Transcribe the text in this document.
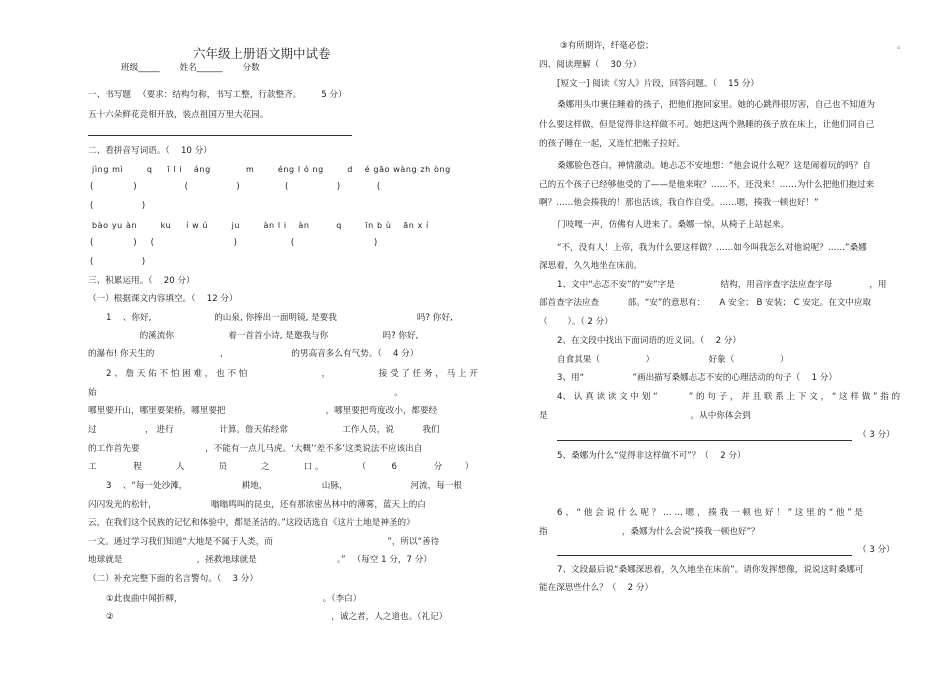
六年级上册语文期中试卷
班级_____ 　　姓名______ 　　分数
一、书写题 　（要求：结构匀称，书写工整，行款整齐。 　　5 分）
五十六朵鲜花竞相开放，装点祖国万里大花园。
二、看拼音写词语。（ 　10 分）
jìng mì 　 　q 　 ī l i 　áng 　 　 　m 　 　éng l ó ng 　 　d 　é gāo wàng zh òng
( 　　　 　) 　 　 　 　 ( 　　　 　　) 　 　　 　 ( 　　　 　　) 　 　 　 (
( 　　　 　　)
bào yu àn 　 　ku 　 í w ú 　 　ju 　 　àn l i 　àn 　 　 q 　 　īn b ù 　ān x í
( 　　　 　) 　 ( 　　　 　　 　　 　) 　　 　　 　 ( 　　　 　　 　　 　)
( 　　　 　　)
三、积累运用。（ 　20 分）
（一）根据课文内容填空。（ 　12 分）
1 　、你好, 　　　　　　　的山泉, 你捧出一面明镜, 是要我 　　　　　　　　　吗? 你好,
　　　　　　的溪流你 　　　　　　着一首首小诗, 是邀我与你 　　　　　　吗? 你好, 　　　　　　
的瀑布! 你天生的 　　　　　　　 ， 　　　　　　　的男高音多么有气势。（ 　4 分）
2 、 詹 天 佑 不 怕 困 难 ， 也 不 怕 　　　　　　　　 ， 　　　　　 接 受 了 任 务 ， 马 上 开
始 　　　　　　　　　　　　　　　　　　　　　　　　　　　　　　　　　　 。
哪里要开山，哪里要架桥，哪里要把 　　　　　　　　　　　 ，哪里要把弯度改小，都要经
过 　　　　　 ， 进行 　　　　　计算。詹天佑经常 　　　　　　工作人员，说 　　　我们
的工作首先要 　　　　　　　 ，不能有一点儿马虎。‘大概’‘差不多’这类说法不应该出自
工 　 　 　 程 　 　 　人 　 　 　员 　 　 　之 　 　 　口 。 　 　　 （ 　 　 6 　 　 　 分 　 　）
3 　、“每一处沙滩， 　　　　　　耕地， 　　　　　　山脉， 　　　　　　　河流，每一根
闪闪发光的松针， 　　　　　　嗡嗡鸣叫的昆虫，还有那浓密丛林中的薄雾，蓝天上的白
云，在我们这个民族的记忆和体验中，都是圣洁的。”这段话选自《这片土地是神圣的》
一文。通过学习我们知道“大地是不属于人类，而 　　　　　　　　　　　　　”，所以“善待
地球就是 　　　　　　　　 ，拯救地球就是 　　　　　　　　　。” 　（每空 1 分，7 分）
（二）补充完整下面的名言警句。（ 　3 分）
①此夜曲中闻折柳， 　　　　　　　　　　　　　　　　。（李白）
② 　　　　　　　　　　　　　　　　　　　　　　　　　，诚之者，人之道也。（礼记）
③有所期许，纤毫必偿； 　　　　　　　　　　　　　　　　　　　　　　　　　　　　。
四、阅读理解（ 　30 分）
[短文一] 阅读《穷人》片段，回答问题。（ 　15 分）
桑娜用头巾裹住睡着的孩子，把他们抱回家里。她的心跳得很厉害，自己也不知道为
什么要这样做，但是觉得非这样做不可。她把这两个熟睡的孩子放在床上，让他们同自己
的孩子睡在一起，又连忙把帐子拉好。
桑娜脸色苍白，神情激动。她忐忑不安地想：“他会说什么呢？这是闹着玩的吗？自
己的五个孩子已经够他受的了——是他来啦？……不，还没来！……为什么把他们抱过来
啊？……他会揍我的！那也活该，我自作自受。……嗯，揍我一顿也好！”
门吱嘎一声，仿佛有人进来了。桑娜一惊，从椅子上站起来。
“不，没有人！上帝，我为什么要这样做？……如今叫我怎么对他说呢？……”桑娜
深思着，久久地坐在床前。
1、文中“忐忑不安”的“安”字是 　　　　　结构，用音序查字法应查字母 　　　　，用
部首查字法应查 　　　部。“安”的意思有： 　 A 安全； B 安装； C 安定。在文中应取
（ 　　）。（ 2 分）
2、在文段中找出下面词语的近义词。（ 　2 分）
自食其果（ 　　　　　） 　　　　　　好象（ 　　　　　）
3、用“ 　　　　　 ”画出描写桑娜忐忑不安的心理活动的句子（ 　1 分）
4、 认 真 读 读 文 中 划 “ 　　　 ” 的 句 子 ， 并 且 联 系 上 下 文 ， “ 这 样 做 ” 指 的
是 　　　　　　　　　　　　　　　　 。从中你体会到
（ 3 分）
5、桑娜为什么“觉得非这样做不可”？（ 　2 分）
6 、 “ 他 会 说 什 么 呢 ？ … … 嗯 ， 揍 我 一 顿 也 好 ！ ” 这 里 的 “ 他 ” 是
指 　　　　　　　　 ，桑娜为什么会说“揍我一顿也好”？
（ 3 分）
7、文段最后说“桑娜深思着，久久地坐在床前”。请你发挥想像，说说这时桑娜可
能在深思些什么？（ 　2 分）
